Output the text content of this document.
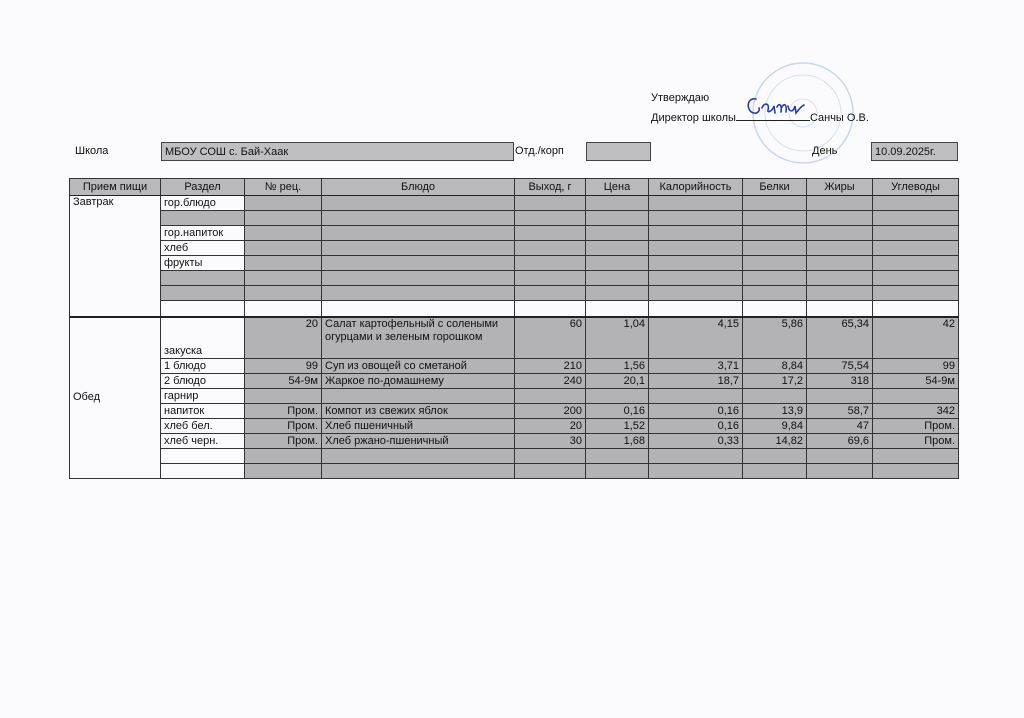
Утверждаю
Директор школы	Санчы О.В.
Школа	МБОУ СОШ с. Бай-Хаак	Отд./корп	День	10.09.2025г.
Прием пищи	Раздел	№ рец.	Блюдо	Выход, г	Цена	Калорийность	Белки	Жиры	Углеводы
Завтрак	гор.блюдо								

	гор.напиток								
	хлеб								
	фрукты								

Обед	закуска	20	Салат картофельный с солеными огурцами и зеленым горошком	60	1,04	4,15	5,86	65,34	42
	1 блюдо	99	Суп из овощей со сметаной	210	1,56	3,71	8,84	75,54	99
	2 блюдо	54-9м	Жаркое по-домашнему	240	20,1	18,7	17,2	318	54-9м
	гарнир								
	напиток	Пром.	Компот из свежих яблок	200	0,16	0,16	13,9	58,7	342
	хлеб бел.	Пром.	Хлеб пшеничный	20	1,52	0,16	9,84	47	Пром.
	хлеб черн.	Пром.	Хлеб ржано-пшеничный	30	1,68	0,33	14,82	69,6	Пром.
